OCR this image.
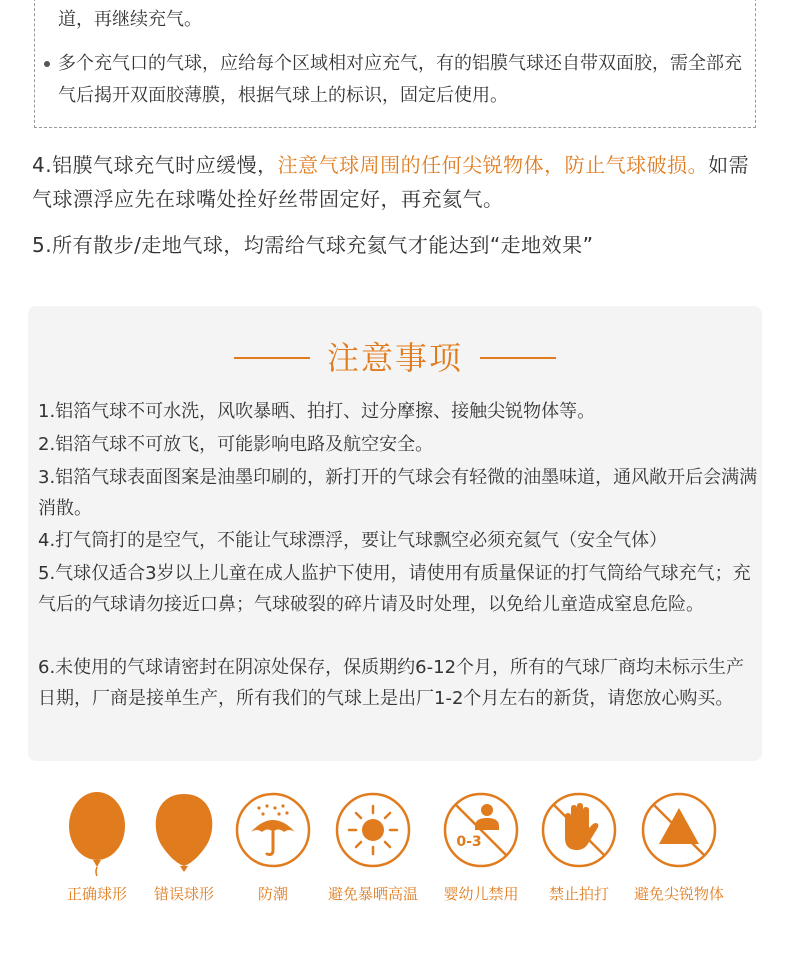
道，再继续充气。
多个充气口的气球，应给每个区域相对应充气，有的铝膜气球还自带双面胶，需全部充气后揭开双面胶薄膜，根据气球上的标识，固定后使用。
4.铝膜气球充气时应缓慢，注意气球周围的任何尖锐物体，防止气球破损。如需气球漂浮应先在球嘴处拴好丝带固定好，再充氦气。
5.所有散步/走地气球，均需给气球充氦气才能达到“走地效果”
注意事项
1.铝箔气球不可水洗，风吹暴晒、拍打、过分摩擦、接触尖锐物体等。
2.铝箔气球不可放飞，可能影响电路及航空安全。
3.铝箔气球表面图案是油墨印刷的，新打开的气球会有轻微的油墨味道，通风敞开后会满满消散。
4.打气筒打的是空气，不能让气球漂浮，要让气球飘空必须充氦气（安全气体）
5.气球仅适合3岁以上儿童在成人监护下使用，请使用有质量保证的打气筒给气球充气；充气后的气球请勿接近口鼻；气球破裂的碎片请及时处理，以免给儿童造成窒息危险。
6.未使用的气球请密封在阴凉处保存，保质期约6-12个月，所有的气球厂商均未标示生产日期，厂商是接单生产，所有我们的气球上是出厂1-2个月左右的新货，请您放心购买。
正确球形	错误球形	防潮	避免暴晒高温
0-3
婴幼儿禁用	禁止拍打	避免尖锐物体
